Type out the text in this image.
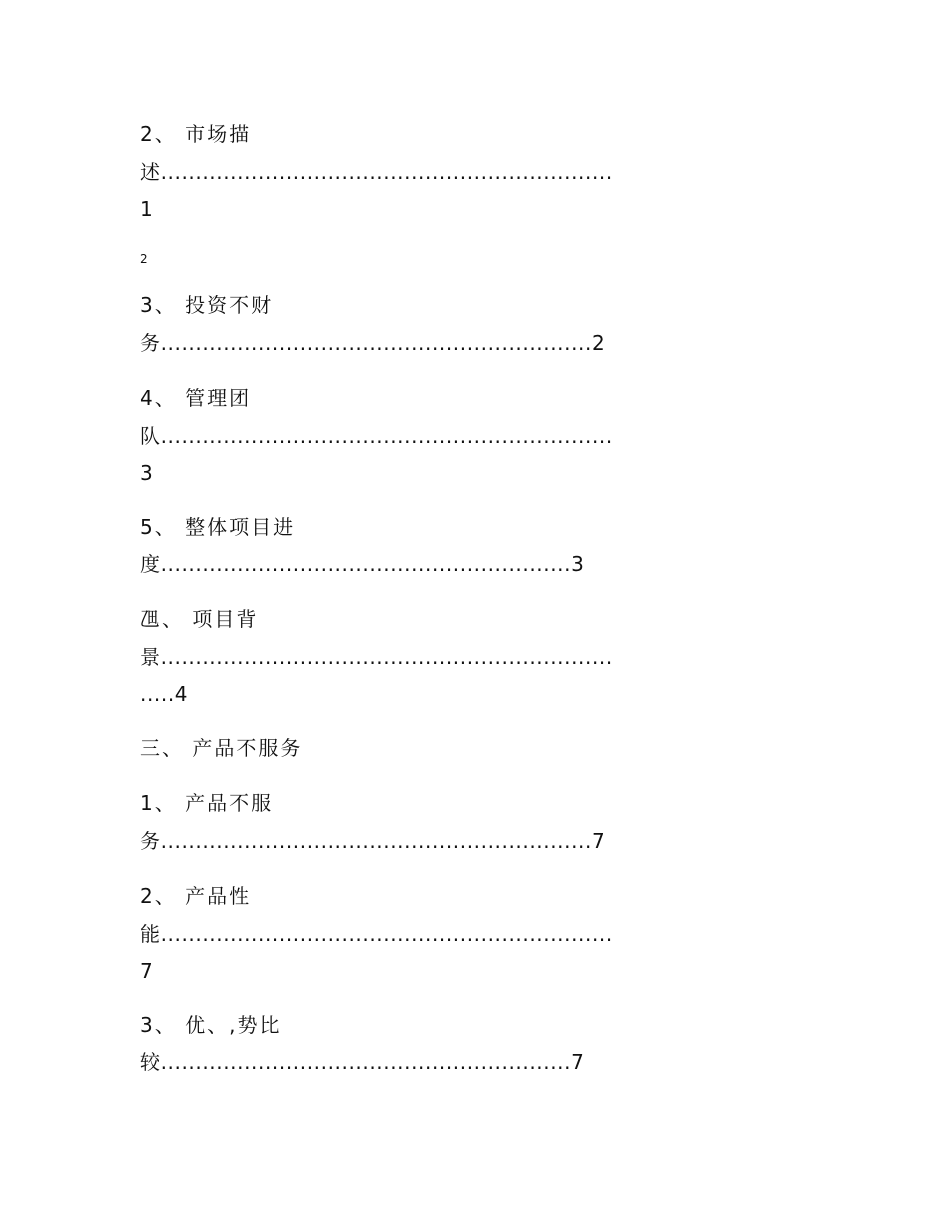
2、 市场描
述.................................................................
1
2
3、 投资不财
务..............................................................2
4、 管理团
队.................................................................
3
5、 整体项目进
度...........................................................3
乪、 项目背
景.................................................................
.....4
三、 产品不服务
1、 产品不服
务..............................................................7
2、 产品性
能.................................................................
7
3、 优、,势比
较...........................................................7
